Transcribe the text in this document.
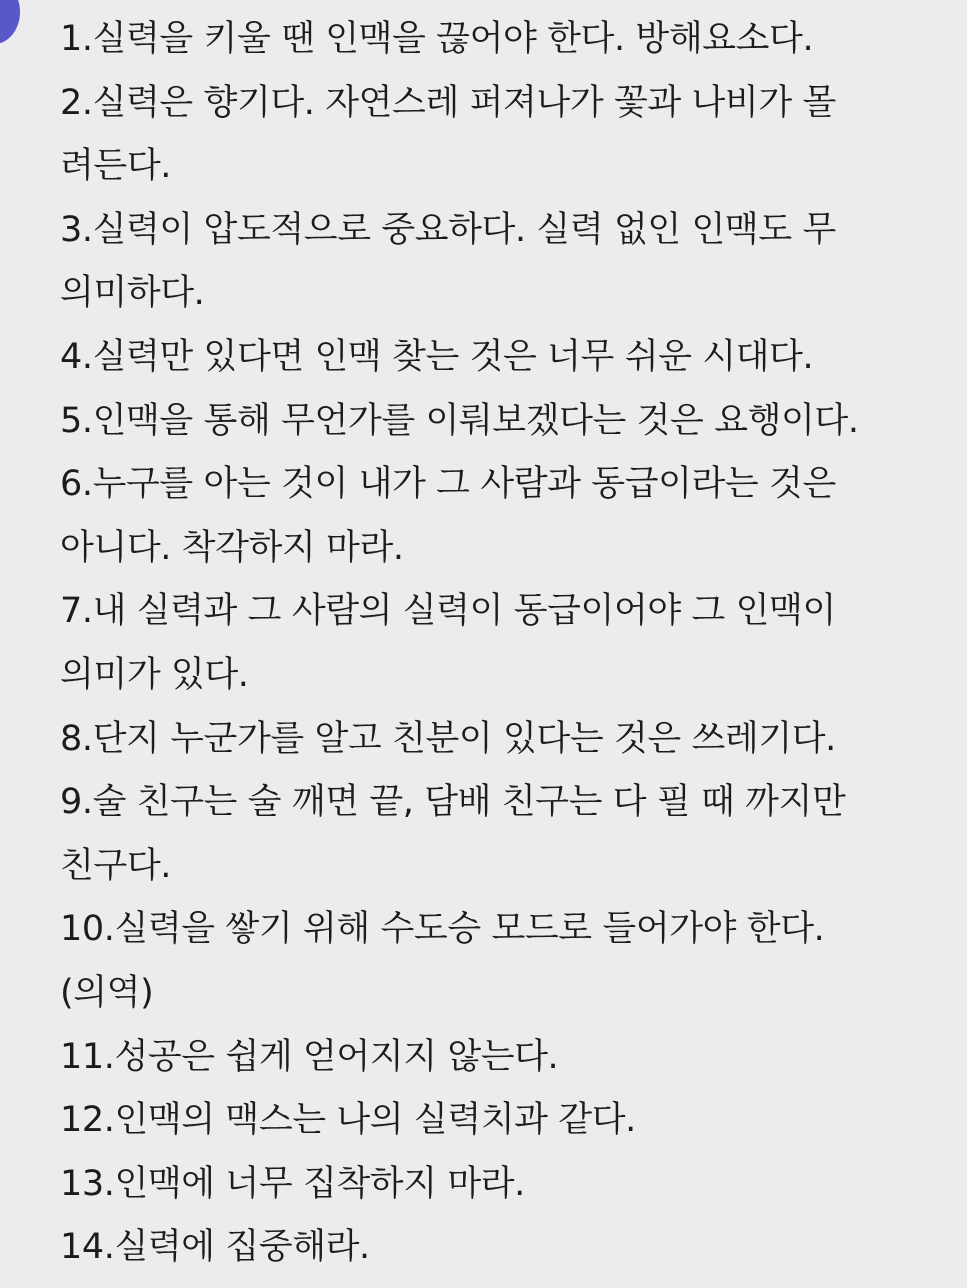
1.실력을 키울 땐 인맥을 끊어야 한다. 방해요소다.
2.실력은 향기다. 자연스레 퍼져나가 꽃과 나비가 몰
려든다.
3.실력이 압도적으로 중요하다. 실력 없인 인맥도 무
의미하다.
4.실력만 있다면 인맥 찾는 것은 너무 쉬운 시대다.
5.인맥을 통해 무언가를 이뤄보겠다는 것은 요행이다.
6.누구를 아는 것이 내가 그 사람과 동급이라는 것은
아니다. 착각하지 마라.
7.내 실력과 그 사람의 실력이 동급이어야 그 인맥이
의미가 있다.
8.단지 누군가를 알고 친분이 있다는 것은 쓰레기다.
9.술 친구는 술 깨면 끝, 담배 친구는 다 필 때 까지만
친구다.
10.실력을 쌓기 위해 수도승 모드로 들어가야 한다.
(의역)
11.성공은 쉽게 얻어지지 않는다.
12.인맥의 맥스는 나의 실력치과 같다.
13.인맥에 너무 집착하지 마라.
14.실력에 집중해라.
